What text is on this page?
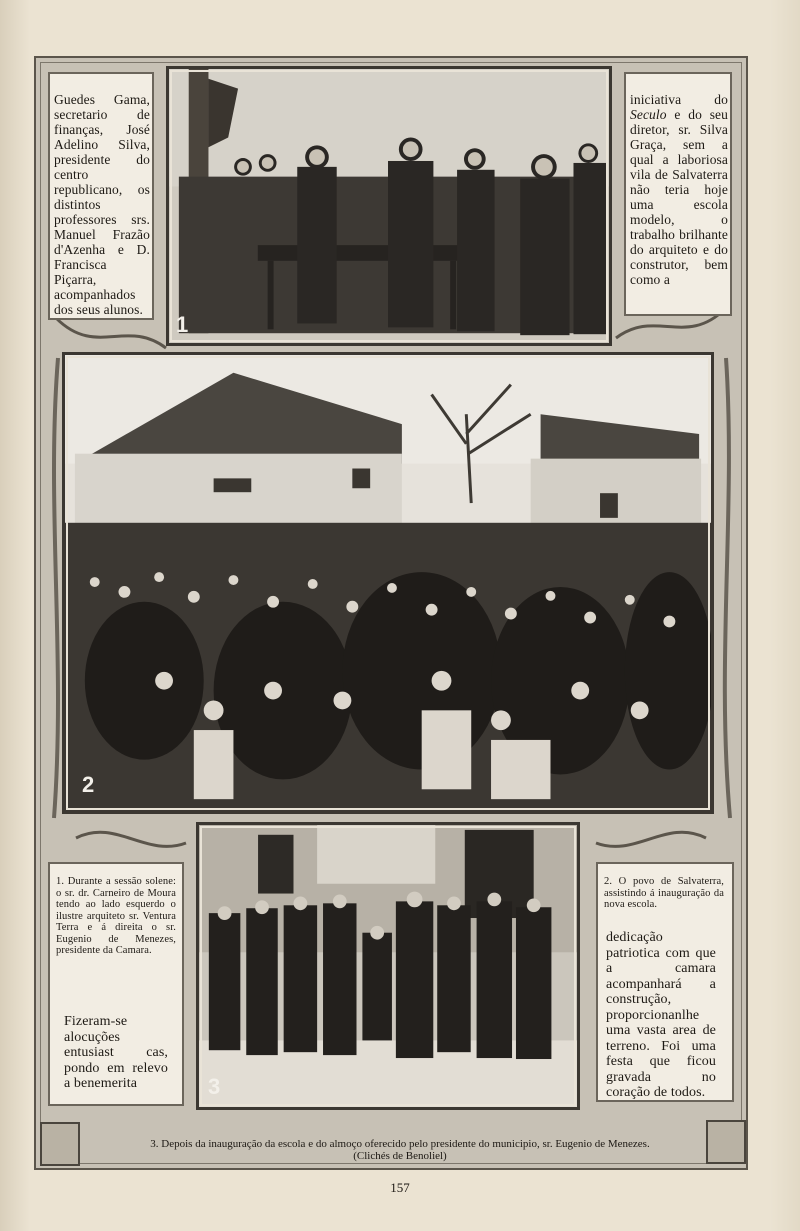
Guedes Gama, secretario de finanças, José Adelino Silva, presidente do centro republicano, os distintos professores srs. Manuel Frazão d'Azenha e D. Francisca Piçarra, acompanhados dos seus alunos.
1
iniciativa do Seculo e do seu diretor, sr. Silva Graça, sem a qual a laboriosa vila de Salvaterra não teria hoje uma escola modelo, o trabalho brilhante do arquiteto e do construtor, bem como a
2
1. Durante a sessão solene: o sr. dr. Carneiro de Moura tendo ao lado esquerdo o ilustre arquiteto sr. Ventura Terra e á direita o sr. Eugenio de Menezes, presidente da Camara.
Fizeram-se alocuções entusiast cas, pondo em relevo a benemerita	3
2. O povo de Salvaterra, assistindo á inauguração da nova escola.
dedicação patriotica com que a camara acompanhará a construção, proporcionanlhe uma vasta area de terreno. Foi uma festa que ficou gravada no coração de todos.
3. Depois da inauguração da escola e do almoço oferecido pelo presidente do municipio, sr. Eugenio de Menezes.
(Clichés de Benoliel)
157
